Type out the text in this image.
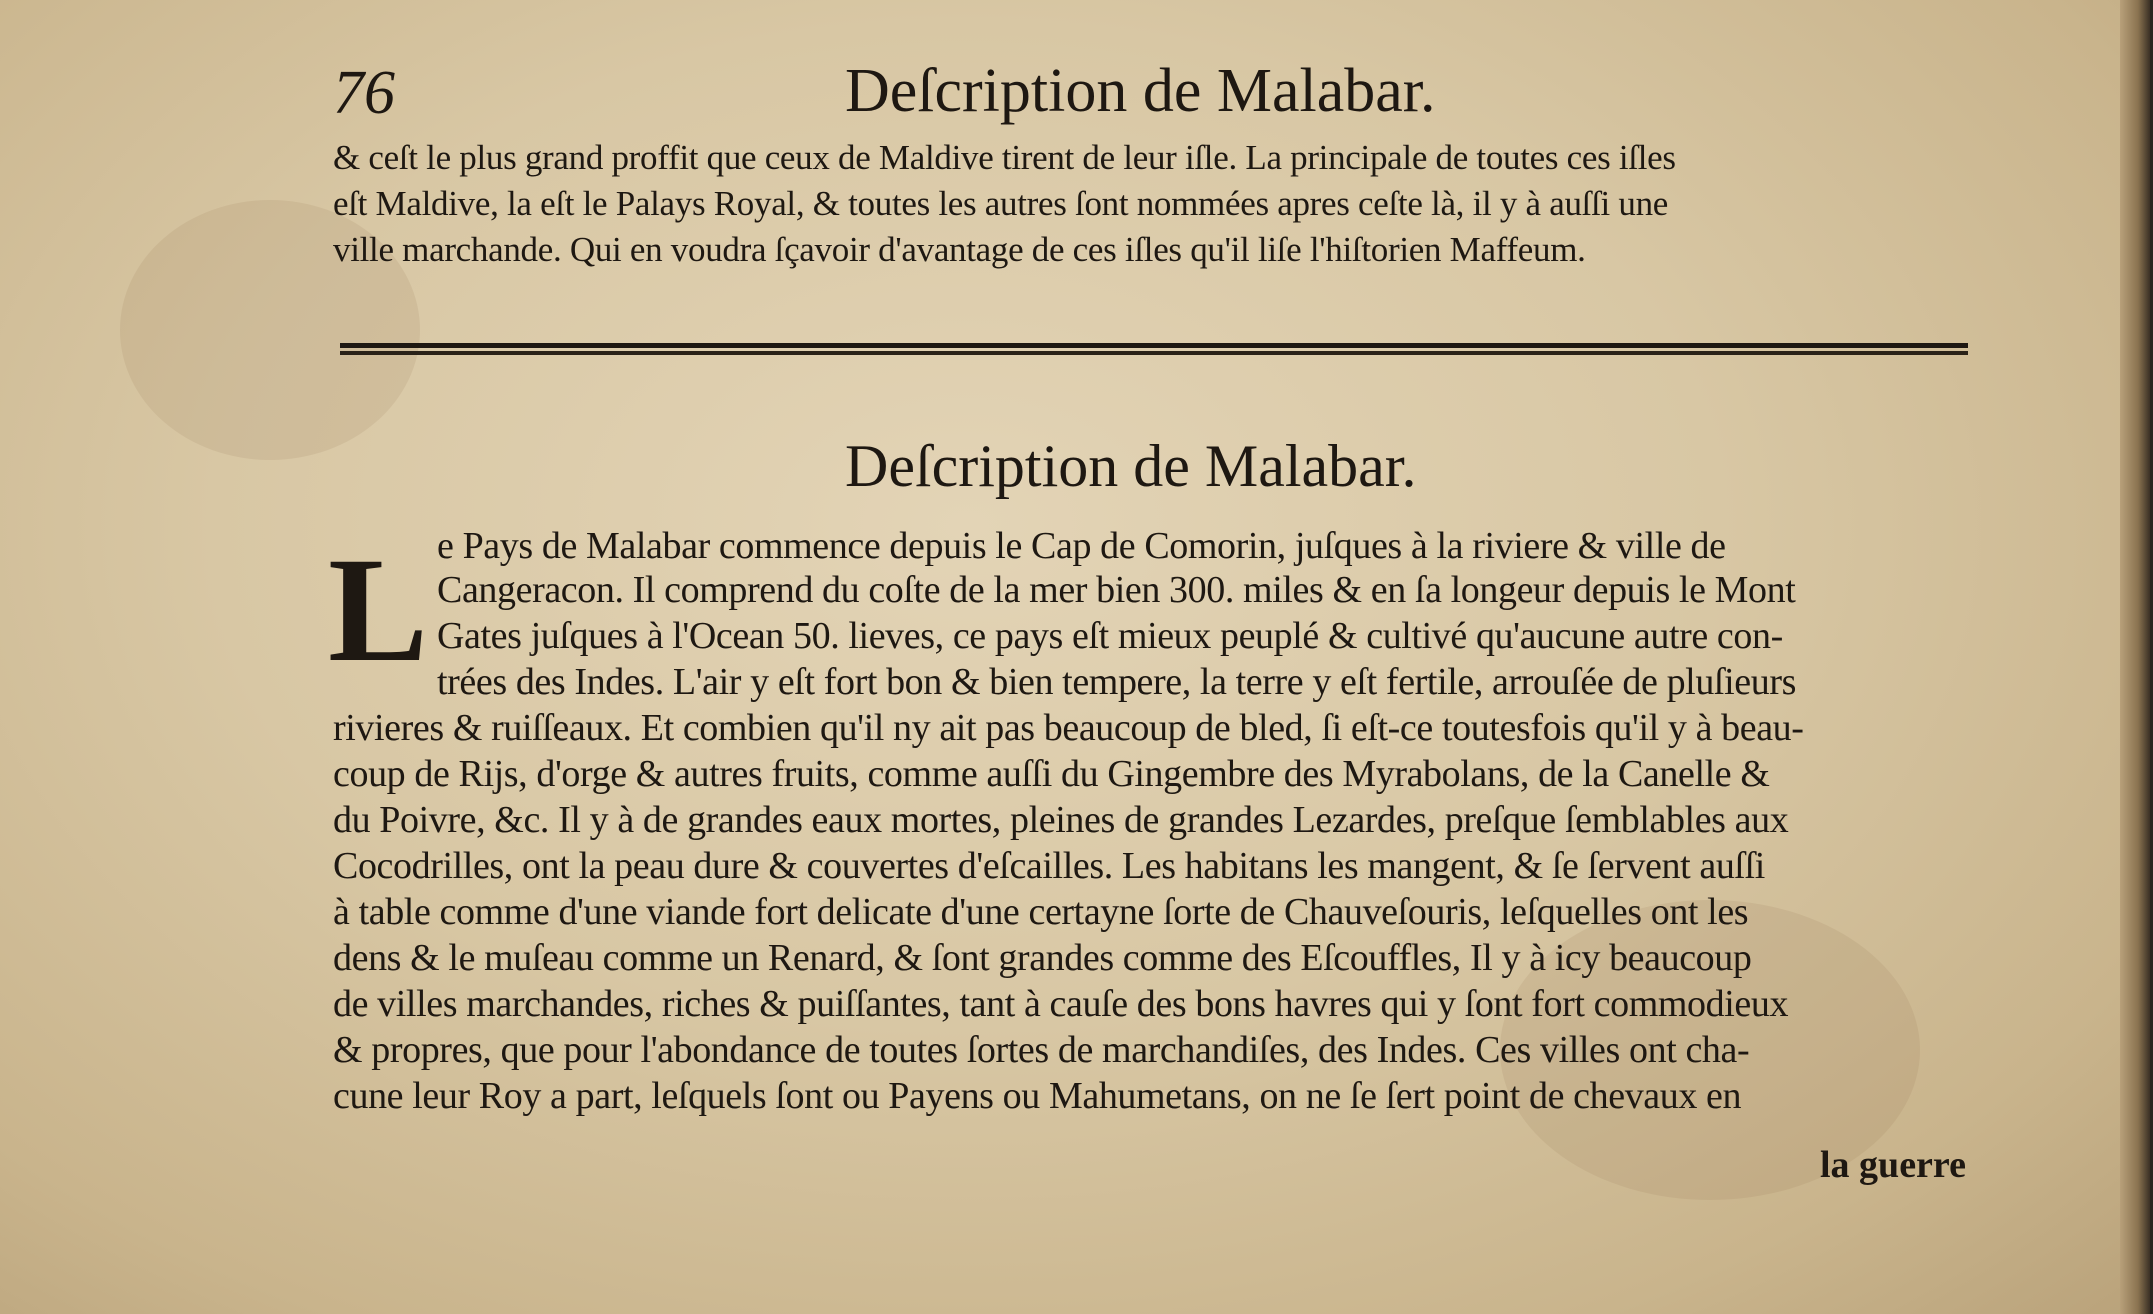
76	Deſcription de Malabar.
& ceſt le plus grand proffit que ceux de Maldive tirent de leur iſle. La principale de toutes ces iſles
eſt Maldive, la eſt le Palays Royal, & toutes les autres ſont nommées apres ceſte là, il y à auſſi une
ville marchande. Qui en voudra ſçavoir d'avantage de ces iſles qu'il liſe l'hiſtorien Maffeum.
Deſcription de Malabar.
L e Pays de Malabar commence depuis le Cap de Comorin, juſques à la riviere & ville de
Cangeracon. Il comprend du coſte de la mer bien 300. miles & en ſa longeur depuis le Mont
Gates juſques à l'Ocean 50. lieves, ce pays eſt mieux peuplé & cultivé qu'aucune autre con-
trées des Indes. L'air y eſt fort bon & bien tempere, la terre y eſt fertile, arrouſée de pluſieurs
rivieres & ruiſſeaux. Et combien qu'il ny ait pas beaucoup de bled, ſi eſt-ce toutesfois qu'il y à beau-
coup de Rijs, d'orge & autres fruits, comme auſſi du Gingembre des Myrabolans, de la Canelle &
du Poivre, &c. Il y à de grandes eaux mortes, pleines de grandes Lezardes, preſque ſemblables aux
Cocodrilles, ont la peau dure & couvertes d'eſcailles. Les habitans les mangent, & ſe ſervent auſſi
à table comme d'une viande fort delicate d'une certayne ſorte de Chauveſouris, leſquelles ont les
dens & le muſeau comme un Renard, & ſont grandes comme des Eſcouffles, Il y à icy beaucoup
de villes marchandes, riches & puiſſantes, tant à cauſe des bons havres qui y ſont fort commodieux
& propres, que pour l'abondance de toutes ſortes de marchandiſes, des Indes. Ces villes ont cha-
cune leur Roy a part, leſquels ſont ou Payens ou Mahumetans, on ne ſe ſert point de chevaux en
la guerre
